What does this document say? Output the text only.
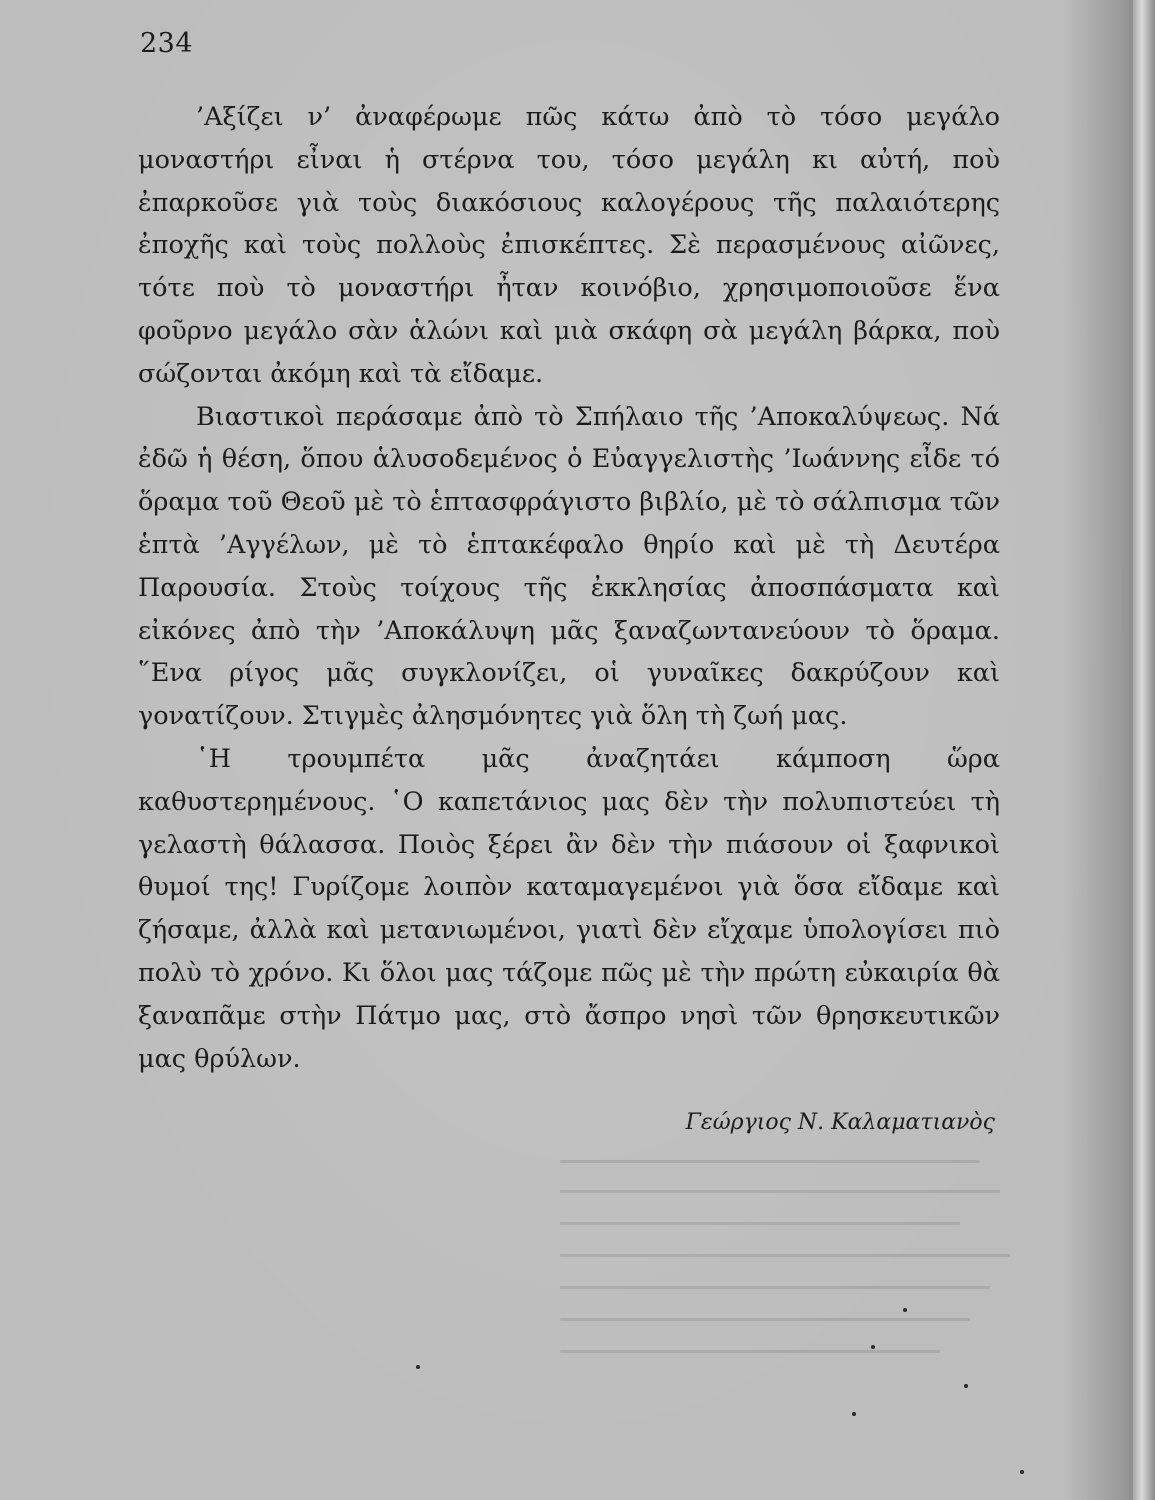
234

’Αξίζει ν’ ἀναφέρωμε πῶς κάτω ἀπὸ τὸ τόσο μεγάλο μοναστήρι εἶναι ἡ στέρνα του, τόσο μεγάλη κι αὐτή, ποὺ ἐπαρκοῦσε γιὰ τοὺς διακόσιους καλογέρους τῆς παλαιότερης ἐποχῆς καὶ τοὺς πολλοὺς ἐπισκέπτες. Σὲ περασμένους αἰῶνες, τότε ποὺ τὸ μοναστήρι ἦταν κοινόβιο, χρησιμοποιοῦσε ἕνα φοῦρνο μεγάλο σὰν ἁλώνι καὶ μιὰ σκάφη σὰ μεγάλη βάρκα, ποὺ σώζονται ἀκόμη καὶ τὰ εἴδαμε.

Βιαστικοὶ περάσαμε ἀπὸ τὸ Σπήλαιο τῆς ’Αποκαλύψεως. Νά ἐδῶ ἡ θέση, ὅπου ἁλυσοδεμένος ὁ Εὐαγγελιστὴς ’Ιωάννης εἶδε τό ὅραμα τοῦ Θεοῦ μὲ τὸ ἑπτασφράγιστο βιβλίο, μὲ τὸ σάλπισμα τῶν ἑπτὰ ’Αγγέλων, μὲ τὸ ἑπτακέφαλο θηρίο καὶ μὲ τὴ Δευτέρα Παρουσία. Στοὺς τοίχους τῆς ἐκκλησίας ἀποσπάσματα καὶ εἰκόνες ἀπὸ τὴν ’Αποκάλυψη μᾶς ξαναζωντανεύουν τὸ ὅραμα. ῞Ενα ρίγος μᾶς συγκλονίζει, οἱ γυναῖκες δακρύζουν καὶ γονατίζουν. Στιγμὲς ἀλησμόνητες γιὰ ὅλη τὴ ζωή μας.

῾Η τρουμπέτα μᾶς ἀναζητάει κάμποση ὥρα καθυστερημένους. ῾Ο καπετάνιος μας δὲν τὴν πολυπιστεύει τὴ γελαστὴ θάλασσα. Ποιὸς ξέρει ἂν δὲν τὴν πιάσουν οἱ ξαφνικοὶ θυμοί της! Γυρίζομε λοιπὸν καταμαγεμένοι γιὰ ὅσα εἴδαμε καὶ ζήσαμε, ἀλλὰ καὶ μετανιωμένοι, γιατὶ δὲν εἴχαμε ὑπολογίσει πιὸ πολὺ τὸ χρόνο. Κι ὅλοι μας τάζομε πῶς μὲ τὴν πρώτη εὐκαιρία θὰ ξαναπᾶμε στὴν Πάτμο μας, στὸ ἄσπρο νησὶ τῶν θρησκευτικῶν μας θρύλων.

Γεώργιος Ν. Καλαματιανὸς
